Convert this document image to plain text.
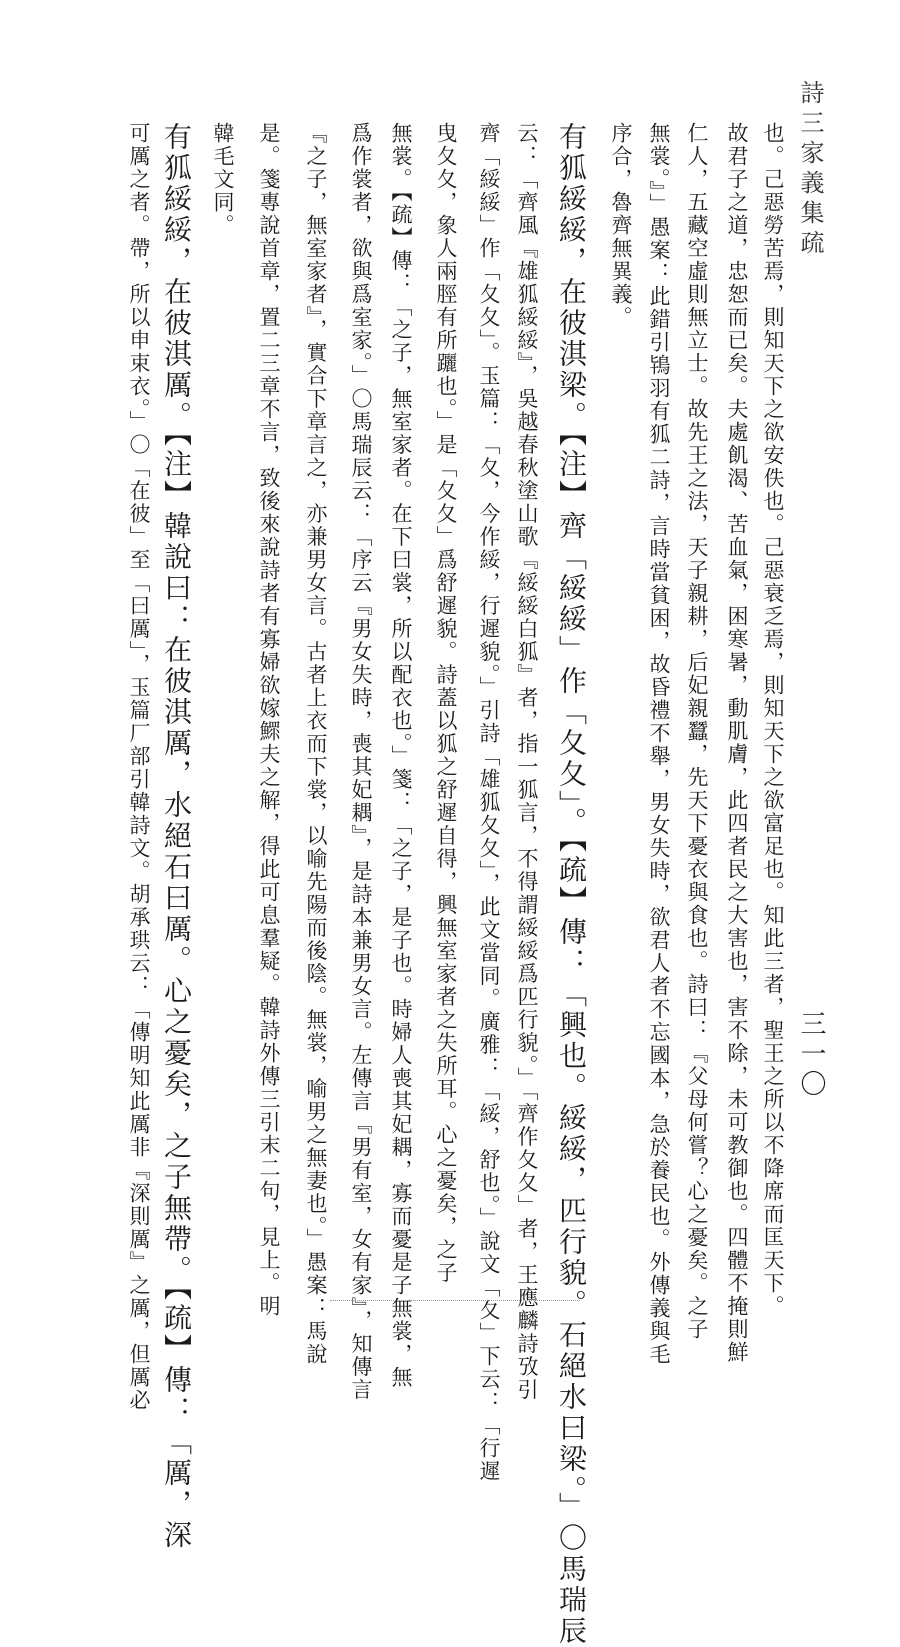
詩三家義集疏
三一〇
也。己惡勞苦焉，則知天下之欲安佚也。己惡衰乏焉，則知天下之欲富足也。知此三者，聖王之所以不降席而匡天下。
故君子之道，忠恕而已矣。夫處飢渴、苦血氣，困寒暑，動肌膚，此四者民之大害也，害不除，未可教御也。四體不掩則鮮
仁人，五藏空虛則無立士。故先王之法，天子親耕，后妃親蠶，先天下憂衣與食也。詩曰：『父母何嘗？心之憂矣。之子
無裳。』」愚案：此錯引鴇羽有狐二詩，言時當貧困，故昏禮不舉，男女失時，欲君人者不忘國本，急於養民也。外傳義與毛
序合，魯齊無異義。
有狐綏綏，在彼淇梁。【注】齊「綏綏」作「夂夂」。【疏】傳：「興也。綏綏，匹行貌。石絕水曰梁。」〇馬瑞辰
云：「齊風『雄狐綏綏』，吳越春秋塗山歌『綏綏白狐』者，指一狐言，不得謂綏綏爲匹行貌。」「齊作夂夂」者，王應麟詩攷引
齊「綏綏」作「夂夂」。玉篇：「夂，今作綏，行遲貌。」引詩「雄狐夂夂」，此文當同。廣雅：「綏，舒也。」說文「夂」下云：「行遲
曳夂夂，象人兩脛有所躧也。」是「夂夂」爲舒遲貌。詩蓋以狐之舒遲自得，興無室家者之失所耳。心之憂矣，之子
無裳。【疏】傳：「之子，無室家者。在下曰裳，所以配衣也。」箋：「之子，是子也。時婦人喪其妃耦，寡而憂是子無裳，無
爲作裳者，欲與爲室家。」〇馬瑞辰云：「序云『男女失時，喪其妃耦』，是詩本兼男女言。左傳言『男有室，女有家』，知傳言
『之子，無室家者』，實合下章言之，亦兼男女言。古者上衣而下裳，以喻先陽而後陰。無裳，喻男之無妻也。」愚案：馬說
是。箋專說首章，置二三章不言，致後來說詩者有寡婦欲嫁鰥夫之解，得此可息羣疑。韓詩外傳三引末二句，見上。明
韓毛文同。
有狐綏綏，在彼淇厲。【注】韓說曰：在彼淇厲，水絕石曰厲。心之憂矣，之子無帶。【疏】傳：「厲，深
可厲之者。帶，所以申束衣。」〇「在彼」至「曰厲」，玉篇厂部引韓詩文。胡承珙云：「傳明知此厲非『深則厲』之厲，但厲必
